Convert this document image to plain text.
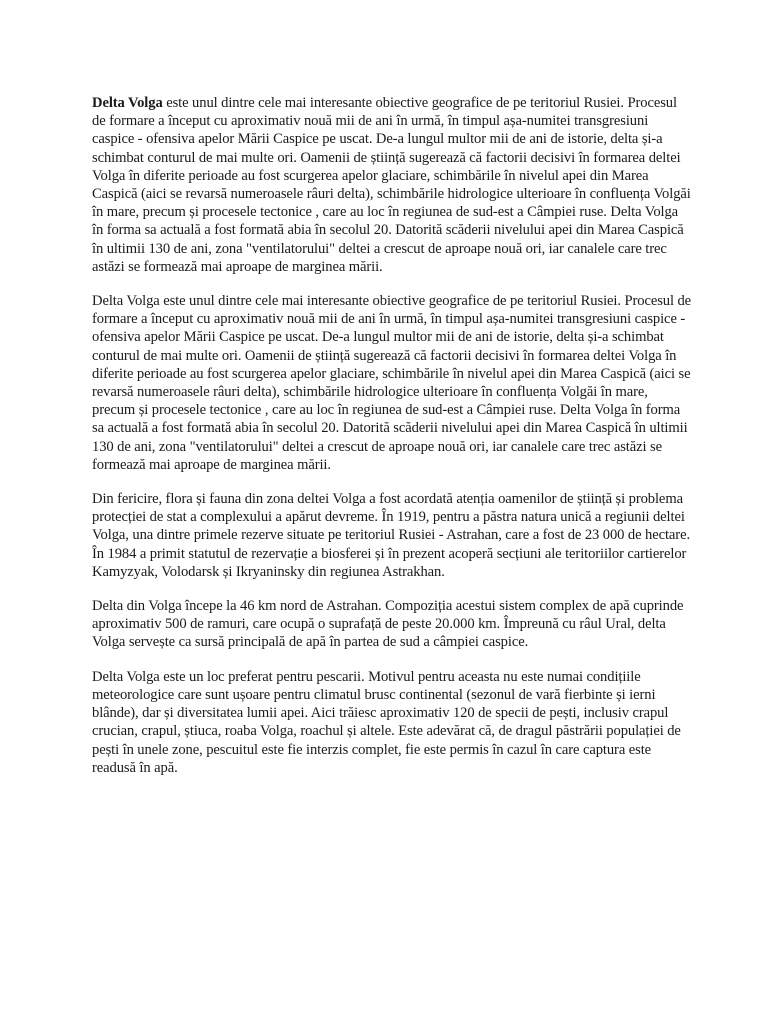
Delta Volga este unul dintre cele mai interesante obiective geografice de pe teritoriul Rusiei. Procesul de formare a început cu aproximativ nouă mii de ani în urmă, în timpul așa-numitei transgresiuni caspice - ofensiva apelor Mării Caspice pe uscat. De-a lungul multor mii de ani de istorie, delta și-a schimbat conturul de mai multe ori. Oamenii de știință sugerează că factorii decisivi în formarea deltei Volga în diferite perioade au fost scurgerea apelor glaciare, schimbările în nivelul apei din Marea Caspică (aici se revarsă numeroasele râuri delta), schimbările hidrologice ulterioare în confluența Volgăi în mare, precum și procesele tectonice , care au loc în regiunea de sud-est a Câmpiei ruse. Delta Volga în forma sa actuală a fost formată abia în secolul 20. Datorită scăderii nivelului apei din Marea Caspică în ultimii 130 de ani, zona "ventilatorului" deltei a crescut de aproape nouă ori, iar canalele care trec astăzi se formează mai aproape de marginea mării.

Delta Volga este unul dintre cele mai interesante obiective geografice de pe teritoriul Rusiei. Procesul de formare a început cu aproximativ nouă mii de ani în urmă, în timpul așa-numitei transgresiuni caspice - ofensiva apelor Mării Caspice pe uscat. De-a lungul multor mii de ani de istorie, delta și-a schimbat conturul de mai multe ori. Oamenii de știință sugerează că factorii decisivi în formarea deltei Volga în diferite perioade au fost scurgerea apelor glaciare, schimbările în nivelul apei din Marea Caspică (aici se revarsă numeroasele râuri delta), schimbările hidrologice ulterioare în confluența Volgăi în mare, precum și procesele tectonice , care au loc în regiunea de sud-est a Câmpiei ruse. Delta Volga în forma sa actuală a fost formată abia în secolul 20. Datorită scăderii nivelului apei din Marea Caspică în ultimii 130 de ani, zona "ventilatorului" deltei a crescut de aproape nouă ori, iar canalele care trec astăzi se formează mai aproape de marginea mării.

Din fericire, flora și fauna din zona deltei Volga a fost acordată atenția oamenilor de știință și problema protecției de stat a complexului a apărut devreme. În 1919, pentru a păstra natura unică a regiunii deltei Volga, una dintre primele rezerve situate pe teritoriul Rusiei - Astrahan, care a fost de 23 000 de hectare. În 1984 a primit statutul de rezervație a biosferei și în prezent acoperă secțiuni ale teritoriilor cartierelor Kamyzyak, Volodarsk și Ikryaninsky din regiunea Astrakhan.

Delta din Volga începe la 46 km nord de Astrahan. Compoziția acestui sistem complex de apă cuprinde aproximativ 500 de ramuri, care ocupă o suprafață de peste 20.000 km. Împreună cu râul Ural, delta Volga servește ca sursă principală de apă în partea de sud a câmpiei caspice.

Delta Volga este un loc preferat pentru pescarii. Motivul pentru aceasta nu este numai condițiile meteorologice care sunt ușoare pentru climatul brusc continental (sezonul de vară fierbinte și ierni blânde), dar și diversitatea lumii apei. Aici trăiesc aproximativ 120 de specii de pești, inclusiv crapul crucian, crapul, știuca, roaba Volga, roachul și altele. Este adevărat că, de dragul păstrării populației de pești în unele zone, pescuitul este fie interzis complet, fie este permis în cazul în care captura este readusă în apă.
